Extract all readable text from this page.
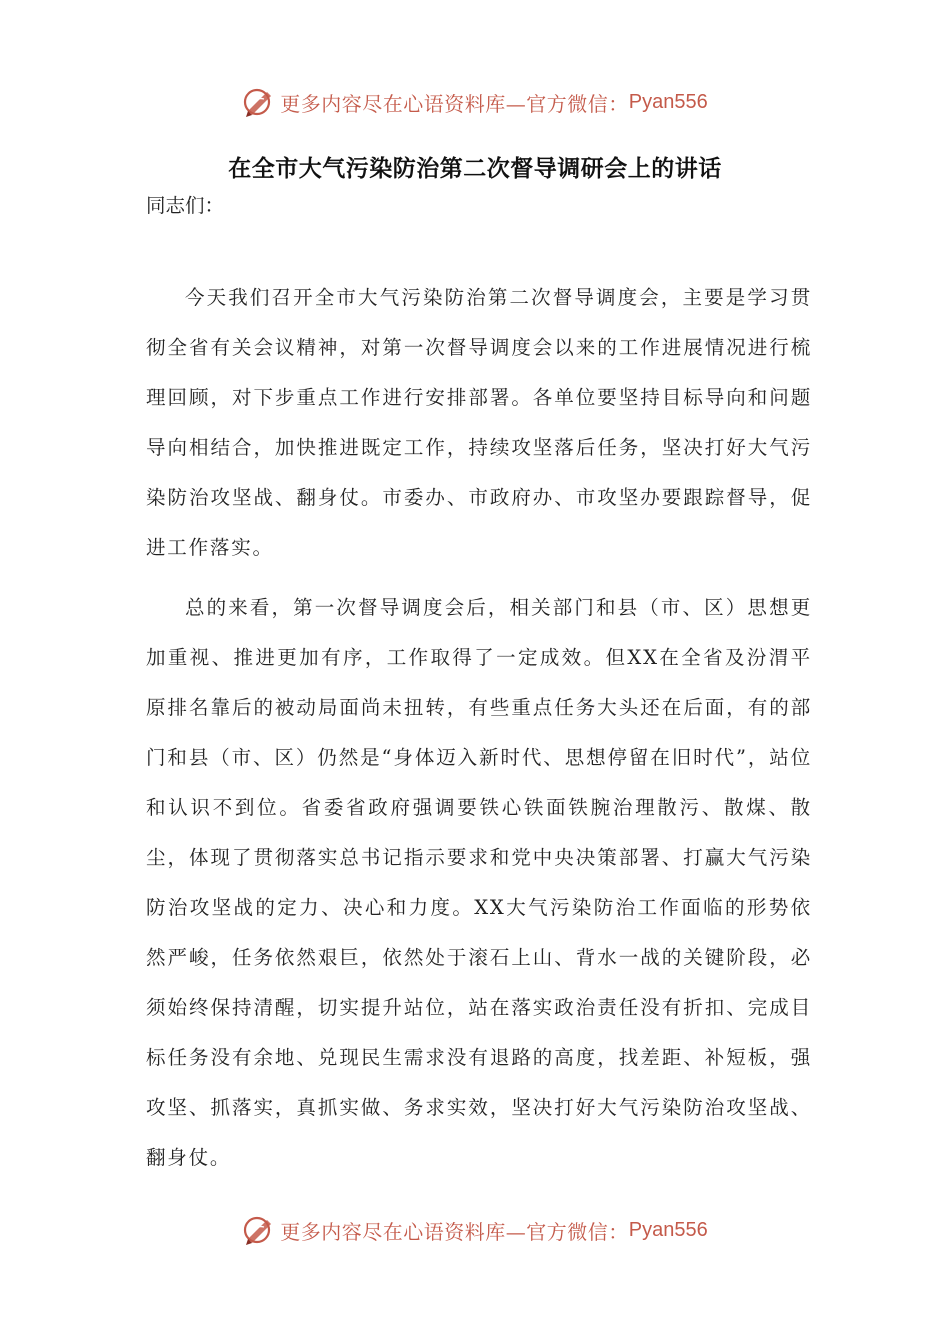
更多内容尽在心语资料库—官方微信： Pyan556
在全市大气污染防治第二次督导调研会上的讲话
同志们：

今天我们召开全市大气污染防治第二次督导调度会，主要是学习贯彻全省有关会议精神，对第一次督导调度会以来的工作进展情况进行梳理回顾，对下步重点工作进行安排部署。各单位要坚持目标导向和问题导向相结合，加快推进既定工作，持续攻坚落后任务，坚决打好大气污染防治攻坚战、翻身仗。市委办、市政府办、市攻坚办要跟踪督导，促进工作落实。

总的来看，第一次督导调度会后，相关部门和县（市、区）思想更加重视、推进更加有序，工作取得了一定成效。但XX在全省及汾渭平原排名靠后的被动局面尚未扭转，有些重点任务大头还在后面，有的部门和县（市、区）仍然是“身体迈入新时代、思想停留在旧时代”，站位和认识不到位。省委省政府强调要铁心铁面铁腕治理散污、散煤、散尘，体现了贯彻落实总书记指示要求和党中央决策部署、打赢大气污染防治攻坚战的定力、决心和力度。XX大气污染防治工作面临的形势依然严峻，任务依然艰巨，依然处于滚石上山、背水一战的关键阶段，必须始终保持清醒，切实提升站位，站在落实政治责任没有折扣、完成目标任务没有余地、兑现民生需求没有退路的高度，找差距、补短板，强攻坚、抓落实，真抓实做、务求实效，坚决打好大气污染防治攻坚战、翻身仗。

更多内容尽在心语资料库—官方微信： Pyan556
